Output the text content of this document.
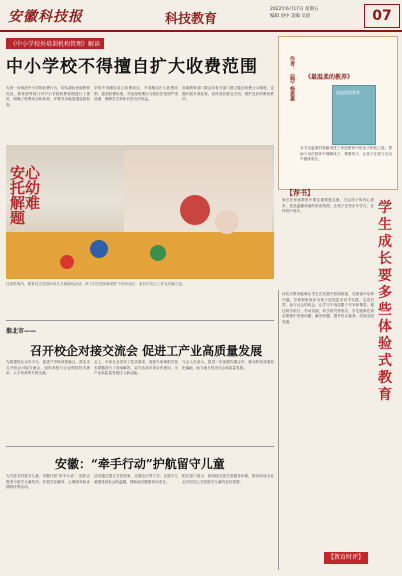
安徽科技报	科技教育
2022年6月17日 星期五
编辑 刘中 美编 吴晨	07
《中小学校外培训机构管理》解读
中小学校不得擅自扩大收费范围
为进一步规范中小学校收费行为，切实减轻家庭教育负担，教育部等部门对中小学校收费管理进行了规范，明确了收费项目和标准，并要求各地加强监督检查。
学校不得擅自设立收费项目，不得擅自扩大收费范围、提高收费标准，对违规收费行为将依法依规严肃处理，保障学生和家长的合法权益。
各地教育部门要会同有关部门建立健全收费公示制度，定期开展专项检查，及时回应群众关切，维护良好的教育秩序。	作者：《韩》杨恩惠 《最温柔的教养》
最温柔的教养
本书以温柔的笔触讲述了家庭教育中的亲子相处之道，帮助父母在陪伴中理解孩子、尊重孩子，让孩子在爱与自由中健康成长。
【荐书】
家长在家庭教育中要注重情感交流，关注孩子的内心需求，营造温馨和谐的家庭氛围，让孩子在快乐中学习，在体验中成长。
安心托幼解难题
托育机构内，保育员正在陪伴幼儿开展游戏活动，孩子们在老师的看护下快乐成长，家长们安心工作无后顾之忧。
淮北市——
召开校企对接交流会 促进工产业高质量发展
为搭建校企合作平台，促进产学研深度融合，淮北市召开校企对接交流会，组织高校与企业围绕技术需求、人才培养等开展交流。
会上，多家企业发布了技术需求，高校专家就相关技术难题进行了现场解答，双方达成多项合作意向，为产业高质量发展注入新动能。
与会人员表示，将进一步加强沟通合作，推动科技成果转化落地，助力地方经济社会高质量发展。
安徽：“牵手行动”护航留守儿童
为关爱农村留守儿童，安徽开展“牵手行动”，组织志愿者与留守儿童结对，开展学业辅导、心理疏导和亲情陪伴等活动。
活动通过建立关爱档案、定期走访等方式，让留守儿童感受到社会的温暖，帮助他们健康快乐成长。
相关部门表示，将持续完善关爱服务体系，推动形成全社会共同关心关爱留守儿童的良好氛围。
体验式教育能够让学生在实践中获得真知，在探索中培养兴趣。学校和家庭应为孩子创造更多动手实践、走进自然、参与社会的机会，让学习不再局限于书本和课堂。通过研学旅行、劳动实践、科学探究等形式，学生能够在真实情境中发现问题、解决问题，提升综合素养，实现全面发展。
学生成长要多些体验式教育
【教育时评】
